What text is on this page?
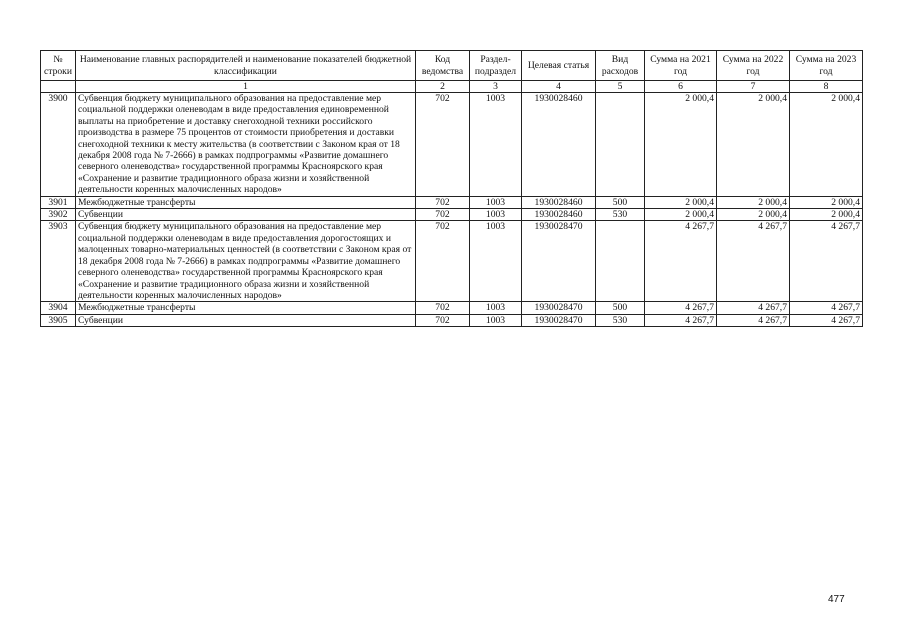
№ строки	Наименование главных распорядителей и наименование показателей бюджетной классификации	Код ведомства	Раздел-подраздел	Целевая статья	Вид расходов	Сумма на 2021 год	Сумма на 2022 год	Сумма на 2023 год
	1	2	3	4	5	6	7	8
3900	Субвенция бюджету муниципального образования на предоставление мер социальной поддержки оленеводам в виде предоставления единовременной выплаты на приобретение и доставку снегоходной техники российского производства в размере 75 процентов от стоимости приобретения и доставки снегоходной техники к месту жительства (в соответствии с Законом края от 18 декабря 2008 года № 7-2666) в рамках подпрограммы «Развитие домашнего северного оленеводства» государственной программы Красноярского края «Сохранение и развитие традиционного образа жизни и хозяйственной деятельности коренных малочисленных народов»	702	1003	1930028460		2 000,4	2 000,4	2 000,4
3901	Межбюджетные трансферты	702	1003	1930028460	500	2 000,4	2 000,4	2 000,4
3902	Субвенции	702	1003	1930028460	530	2 000,4	2 000,4	2 000,4
3903	Субвенция бюджету муниципального образования на предоставление мер социальной поддержки оленеводам в виде предоставления дорогостоящих и малоценных товарно-материальных ценностей (в соответствии с Законом края от 18 декабря 2008 года № 7-2666) в рамках подпрограммы «Развитие домашнего северного оленеводства» государственной программы Красноярского края «Сохранение и развитие традиционного образа жизни и хозяйственной деятельности коренных малочисленных народов»	702	1003	1930028470		4 267,7	4 267,7	4 267,7
3904	Межбюджетные трансферты	702	1003	1930028470	500	4 267,7	4 267,7	4 267,7
3905	Субвенции	702	1003	1930028470	530	4 267,7	4 267,7	4 267,7
477
